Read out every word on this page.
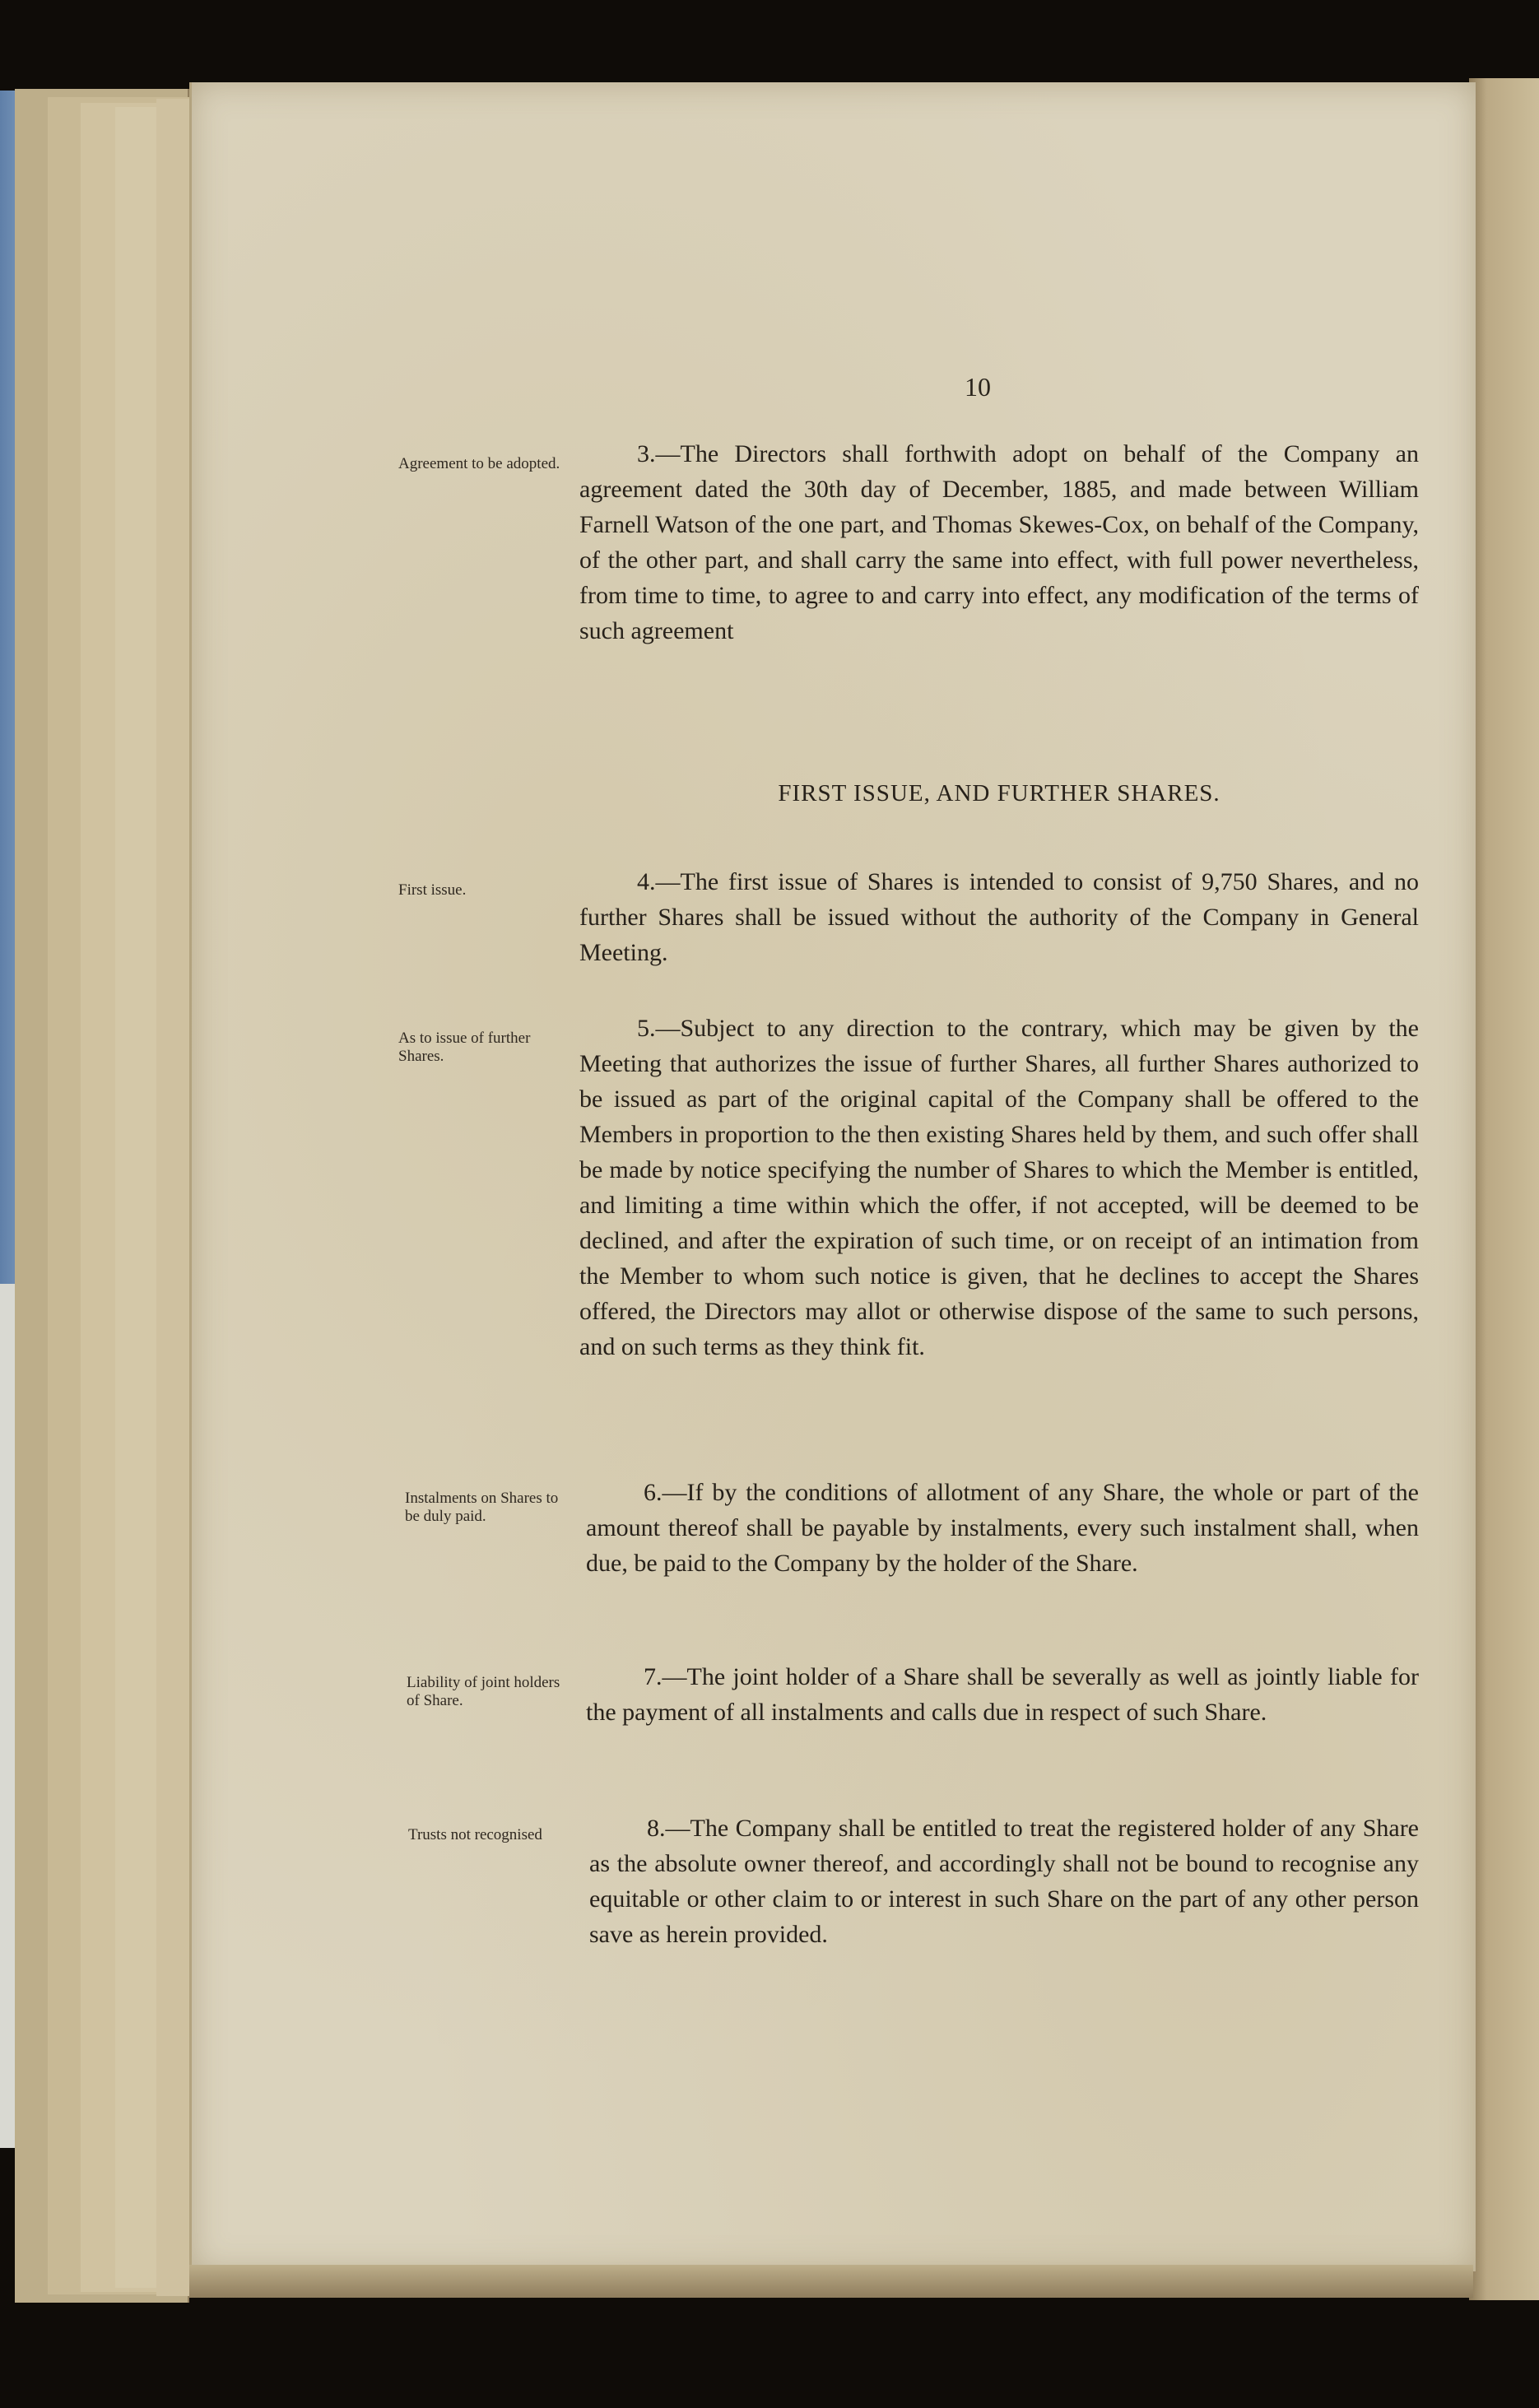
10
Agreement to be adopted.	3.—The Directors shall forthwith adopt on behalf of the Company an agreement dated the 30th day of December, 1885, and made between William Farnell Watson of the one part, and Thomas Skewes-Cox, on behalf of the Company, of the other part, and shall carry the same into effect, with full power nevertheless, from time to time, to agree to and carry into effect, any modification of the terms of such agreement

FIRST ISSUE, AND FURTHER SHARES.
First issue.	4.—The first issue of Shares is intended to consist of 9,750 Shares, and no further Shares shall be issued without the authority of the Company in General Meeting.

As to issue of further Shares.

5.—Subject to any direction to the contrary, which may be given by the Meeting that authorizes the issue of further Shares, all further Shares authorized to be issued as part of the original capital of the Company shall be offered to the Members in proportion to the then existing Shares held by them, and such offer shall be made by notice specifying the number of Shares to which the Member is entitled, and limiting a time within which the offer, if not accepted, will be deemed to be declined, and after the expiration of such time, or on receipt of an intimation from the Member to whom such notice is given, that he declines to accept the Shares offered, the Directors may allot or otherwise dispose of the same to such persons, and on such terms as they think fit.

Instalments on Shares to be duly paid.

6.—If by the conditions of allotment of any Share, the whole or part of the amount thereof shall be payable by instalments, every such instalment shall, when due, be paid to the Company by the holder of the Share.

Liability of joint holders of Share.

7.—The joint holder of a Share shall be severally as well as jointly liable for the payment of all instalments and calls due in respect of such Share.

Trusts not recognised	8.—The Company shall be entitled to treat the registered holder of any Share as the absolute owner thereof, and accordingly shall not be bound to recognise any equitable or other claim to or interest in such Share on the part of any other person save as herein provided.
